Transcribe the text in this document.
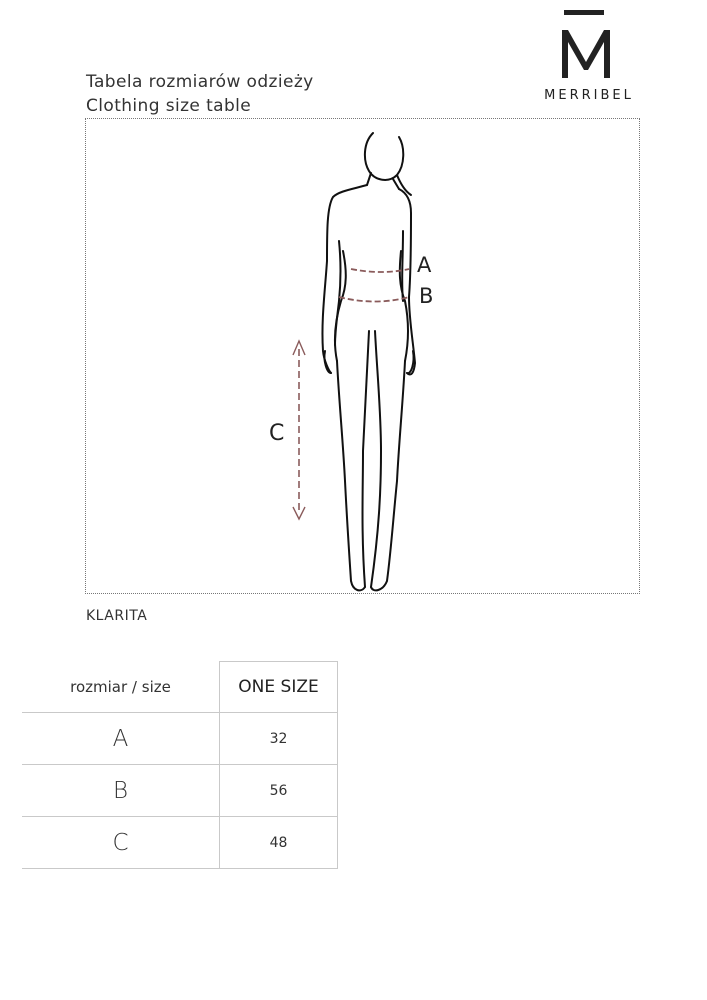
Tabela rozmiarów odzieży
Clothing size table
MERRIBEL
A
B
C
KLARITA
rozmiar / size	ONE SIZE
A	32
B	56
C	48
